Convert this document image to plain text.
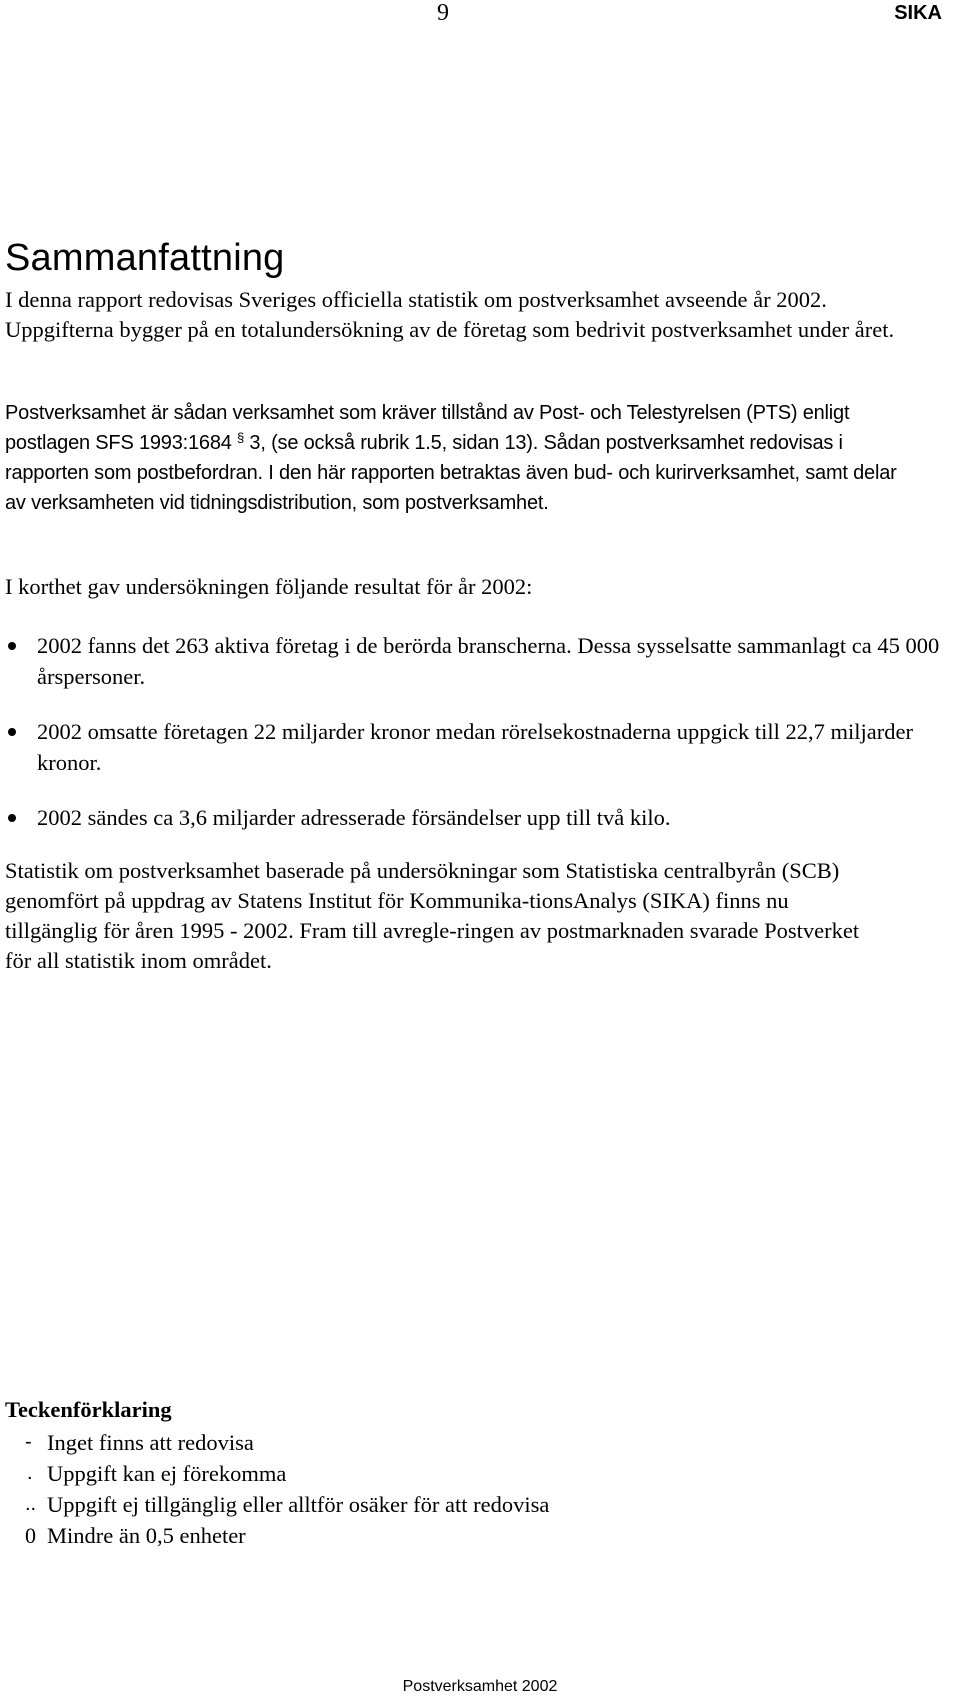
9	SIKA
Sammanfattning

I denna rapport redovisas Sveriges officiella statistik om postverksamhet avseende år 2002. Uppgifterna bygger på en totalundersökning av de företag som bedrivit postverksamhet under året.

Postverksamhet är sådan verksamhet som kräver tillstånd av Post- och Telestyrelsen (PTS) enligt postlagen SFS 1993:1684 § 3, (se också rubrik 1.5, sidan 13). Sådan postverksamhet redovisas i rapporten som postbefordran. I den här rapporten betraktas även bud- och kurirverksamhet, samt delar av verksamheten vid tidningsdistribution, som postverksamhet.

I korthet gav undersökningen följande resultat för år 2002:

2002 fanns det 263 aktiva företag i de berörda branscherna. Dessa sysselsatte sammanlagt ca 45 000 årspersoner.
2002 omsatte företagen 22 miljarder kronor medan rörelsekostnaderna uppgick till 22,7 miljarder kronor.
2002 sändes ca 3,6 miljarder adresserade försändelser upp till två kilo.

Statistik om postverksamhet baserade på undersökningar som Statistiska centralbyrån (SCB) genomfört på uppdrag av Statens Institut för Kommunika-tionsAnalys (SIKA) finns nu tillgänglig för åren 1995 - 2002. Fram till avregle-ringen av postmarknaden svarade Postverket för all statistik inom området.

Teckenförklaring
- Inget finns att redovisa
. Uppgift kan ej förekomma
.. Uppgift ej tillgänglig eller alltför osäker för att redovisa
0 Mindre än 0,5 enheter
Postverksamhet 2002
